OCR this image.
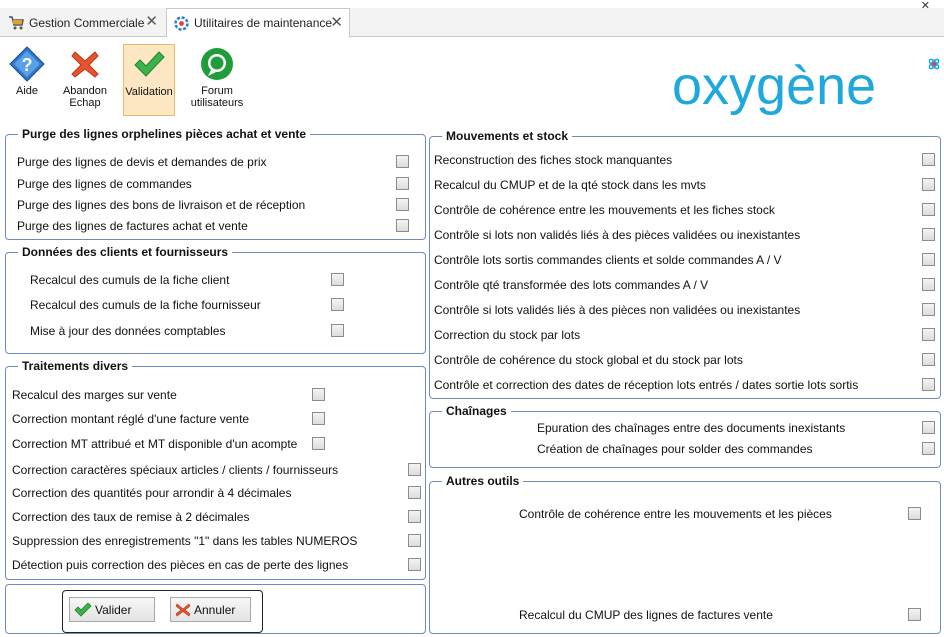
Gestion Commerciale ✕	Utilitaires de maintenance
✕
✕
?
Aide	Abandon
Echap
Validation	Forum
utilisateurs	oxygène
Purge des lignes orphelines pièces achat et vente
Purge des lignes de devis et demandes de prix
Purge des lignes de commandes
Purge des lignes des bons de livraison et de réception
Purge des lignes de factures achat et vente
Données des clients et fournisseurs
Recalcul des cumuls de la fiche client
Recalcul des cumuls de la fiche fournisseur
Mise à jour des données comptables
Traitements divers
Recalcul des marges sur vente
Correction montant réglé d'une facture vente
Correction MT attribué et MT disponible d'un acompte
Correction caractères spéciaux articles / clients / fournisseurs
Correction des quantités pour arrondir à 4 décimales
Correction des taux de remise à 2 décimales
Suppression des enregistrements "1" dans les tables NUMEROS
Détection puis correction des pièces en cas de perte des lignes
Valider	Annuler
Mouvements et stock
Reconstruction des fiches stock manquantes
Recalcul du CMUP et de la qté stock dans les mvts
Contrôle de cohérence entre les mouvements et les fiches stock
Contrôle si lots non validés liés à des pièces validées ou inexistantes
Contrôle lots sortis commandes clients et solde commandes A / V
Contrôle qté transformée des lots commandes A / V
Contrôle si lots validés liés à des pièces non validées ou inexistantes
Correction du stock par lots
Contrôle de cohérence du stock global et du stock par lots
Contrôle et correction des dates de réception lots entrés / dates sortie lots sortis
Chaînages
Epuration des chaînages entre des documents inexistants
Création de chaînages pour solder des commandes
Autres outils
Contrôle de cohérence entre les mouvements et les pièces
Recalcul du CMUP des lignes de factures vente
